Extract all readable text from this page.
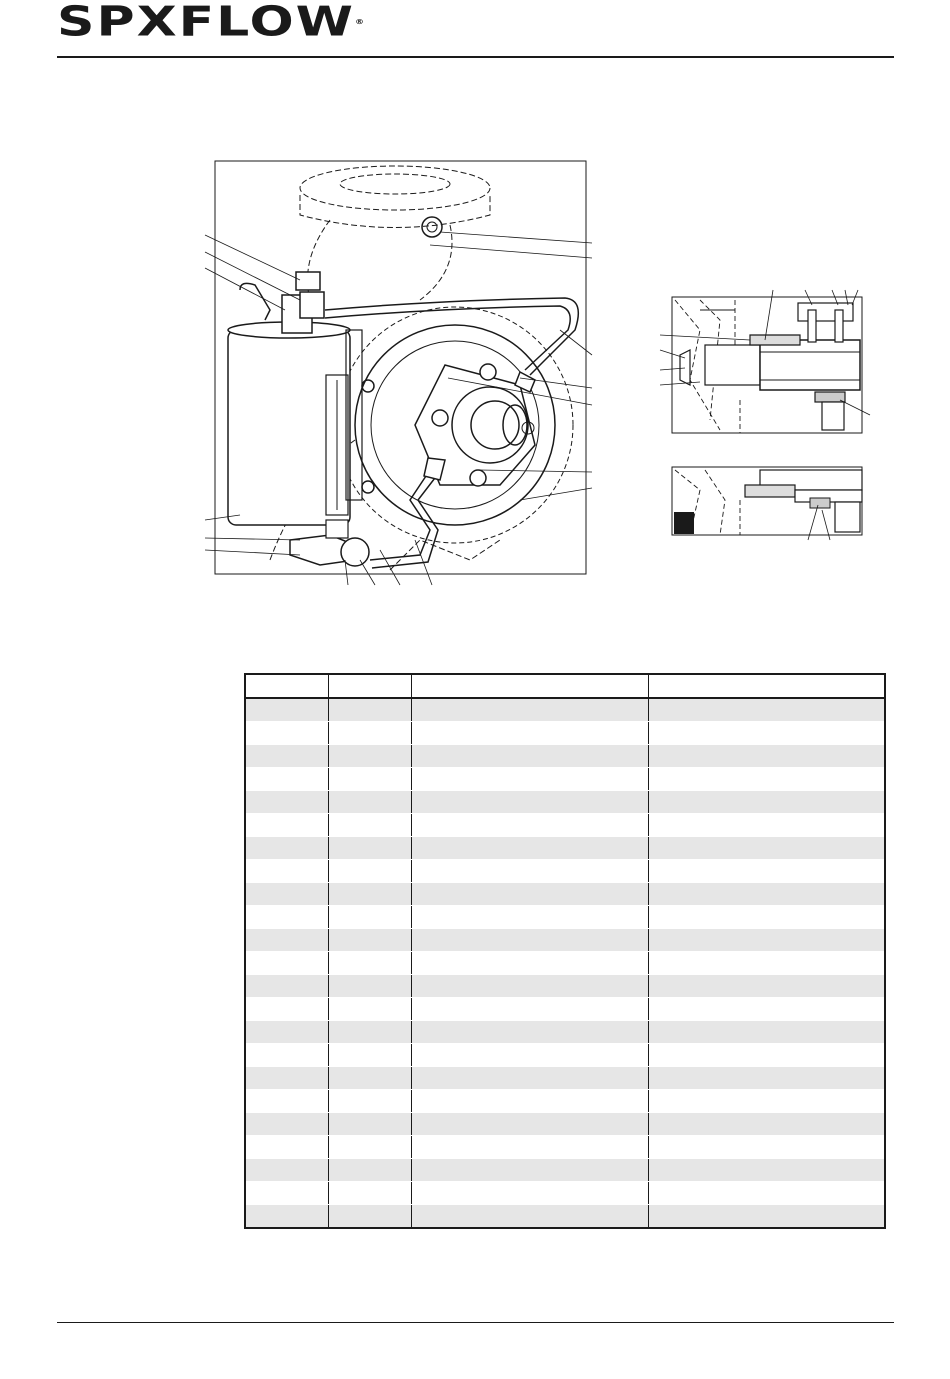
SPXFLOW®
